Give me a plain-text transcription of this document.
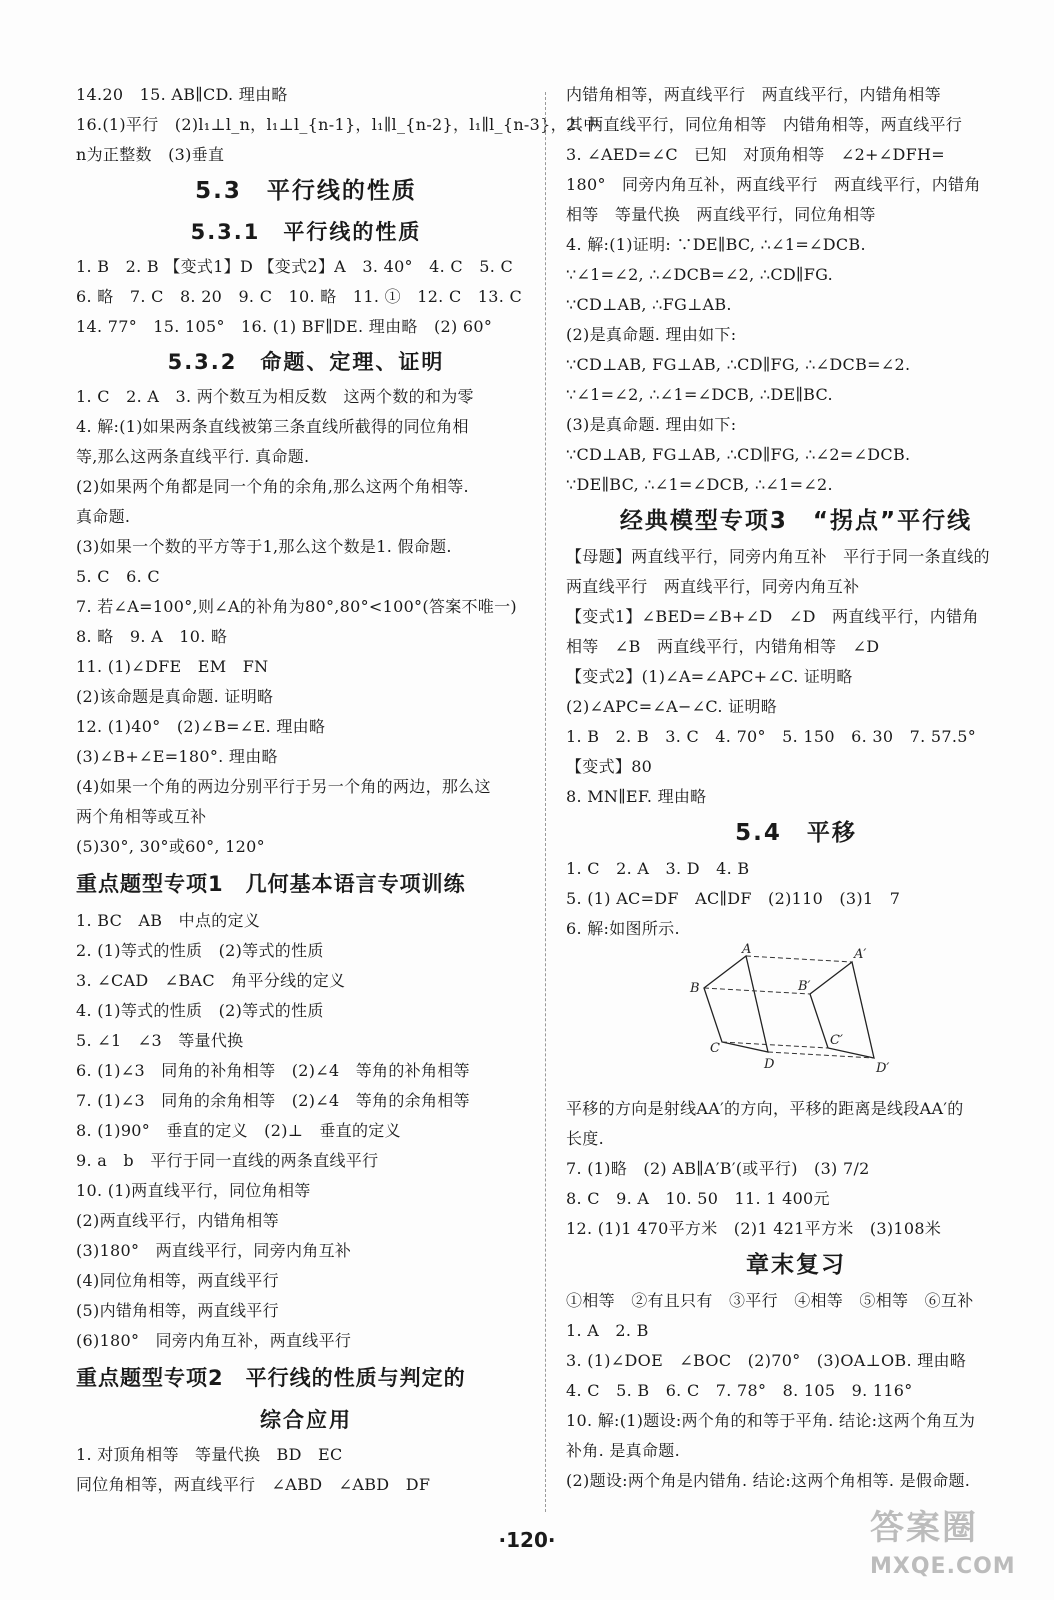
14.20　15. AB∥CD. 理由略
16.(1)平行　(2)l₁⊥l_n，l₁⊥l_{n-1}，l₁∥l_{n-2}，l₁∥l_{n-3}，其中
n为正整数　(3)垂直
5.3　平行线的性质
5.3.1　平行线的性质
1. B　2. B 【变式1】D 【变式2】A　3. 40°　4. C　5. C
6. 略　7. C　8. 20　9. C　10. 略　11. ①　12. C　13. C
14. 77°　15. 105°　16. (1) BF∥DE. 理由略　(2) 60°
5.3.2　命题、定理、证明
1. C　2. A　3. 两个数互为相反数　这两个数的和为零
4. 解:(1)如果两条直线被第三条直线所截得的同位角相
等,那么这两条直线平行. 真命题.
(2)如果两个角都是同一个角的余角,那么这两个角相等.
真命题.
(3)如果一个数的平方等于1,那么这个数是1. 假命题.
5. C　6. C
7. 若∠A=100°,则∠A的补角为80°,80°<100°(答案不唯一)
8. 略　9. A　10. 略
11. (1)∠DFE　EM　FN
(2)该命题是真命题. 证明略
12. (1)40°　(2)∠B=∠E. 理由略
(3)∠B+∠E=180°. 理由略
(4)如果一个角的两边分别平行于另一个角的两边，那么这
两个角相等或互补
(5)30°, 30°或60°, 120°
重点题型专项1　几何基本语言专项训练
1. BC　AB　中点的定义
2. (1)等式的性质　(2)等式的性质
3. ∠CAD　∠BAC　角平分线的定义
4. (1)等式的性质　(2)等式的性质
5. ∠1　∠3　等量代换
6. (1)∠3　同角的补角相等　(2)∠4　等角的补角相等
7. (1)∠3　同角的余角相等　(2)∠4　等角的余角相等
8. (1)90°　垂直的定义　(2)⊥　垂直的定义
9. a　b　平行于同一直线的两条直线平行
10. (1)两直线平行，同位角相等
(2)两直线平行，内错角相等
(3)180°　两直线平行，同旁内角互补
(4)同位角相等，两直线平行
(5)内错角相等，两直线平行
(6)180°　同旁内角互补，两直线平行
重点题型专项2　平行线的性质与判定的
综合应用
1. 对顶角相等　等量代换　BD　EC
同位角相等，两直线平行　∠ABD　∠ABD　DF
内错角相等，两直线平行　两直线平行，内错角相等
2. 两直线平行，同位角相等　内错角相等，两直线平行
3. ∠AED=∠C　已知　对顶角相等　∠2+∠DFH=
180°　同旁内角互补，两直线平行　两直线平行，内错角
相等　等量代换　两直线平行，同位角相等
4. 解:(1)证明: ∵DE∥BC, ∴∠1=∠DCB.
∵∠1=∠2, ∴∠DCB=∠2, ∴CD∥FG.
∵CD⊥AB, ∴FG⊥AB.
(2)是真命题. 理由如下:
∵CD⊥AB, FG⊥AB, ∴CD∥FG, ∴∠DCB=∠2.
∵∠1=∠2, ∴∠1=∠DCB, ∴DE∥BC.
(3)是真命题. 理由如下:
∵CD⊥AB, FG⊥AB, ∴CD∥FG, ∴∠2=∠DCB.
∵DE∥BC, ∴∠1=∠DCB, ∴∠1=∠2.
经典模型专项3　“拐点”平行线
【母题】两直线平行，同旁内角互补　平行于同一条直线的
两直线平行　两直线平行，同旁内角互补
【变式1】∠BED=∠B+∠D　∠D　两直线平行，内错角
相等　∠B　两直线平行，内错角相等　∠D
【变式2】(1)∠A=∠APC+∠C. 证明略
(2)∠APC=∠A−∠C. 证明略
1. B　2. B　3. C　4. 70°　5. 150　6. 30　7. 57.5°
【变式】80
8. MN∥EF. 理由略
5.4　平移
1. C　2. A　3. D　4. B
5. (1) AC=DF　AC∥DF　(2)110　(3)1　7
6. 解:如图所示.
A
B
C
D
A′
B′
C′
D′
平移的方向是射线AA′的方向，平移的距离是线段AA′的
长度.
7. (1)略　(2) AB∥A′B′(或平行)　(3) 7/2
8. C　9. A　10. 50　11. 1 400元
12. (1)1 470平方米　(2)1 421平方米　(3)108米
章末复习
①相等　②有且只有　③平行　④相等　⑤相等　⑥互补
1. A　2. B
3. (1)∠DOE　∠BOC　(2)70°　(3)OA⊥OB. 理由略
4. C　5. B　6. C　7. 78°　8. 105　9. 116°
10. 解:(1)题设:两个角的和等于平角. 结论:这两个角互为
补角. 是真命题.
(2)题设:两个角是内错角. 结论:这两个角相等. 是假命题.
·120·	答案圈
MXQE.COM
